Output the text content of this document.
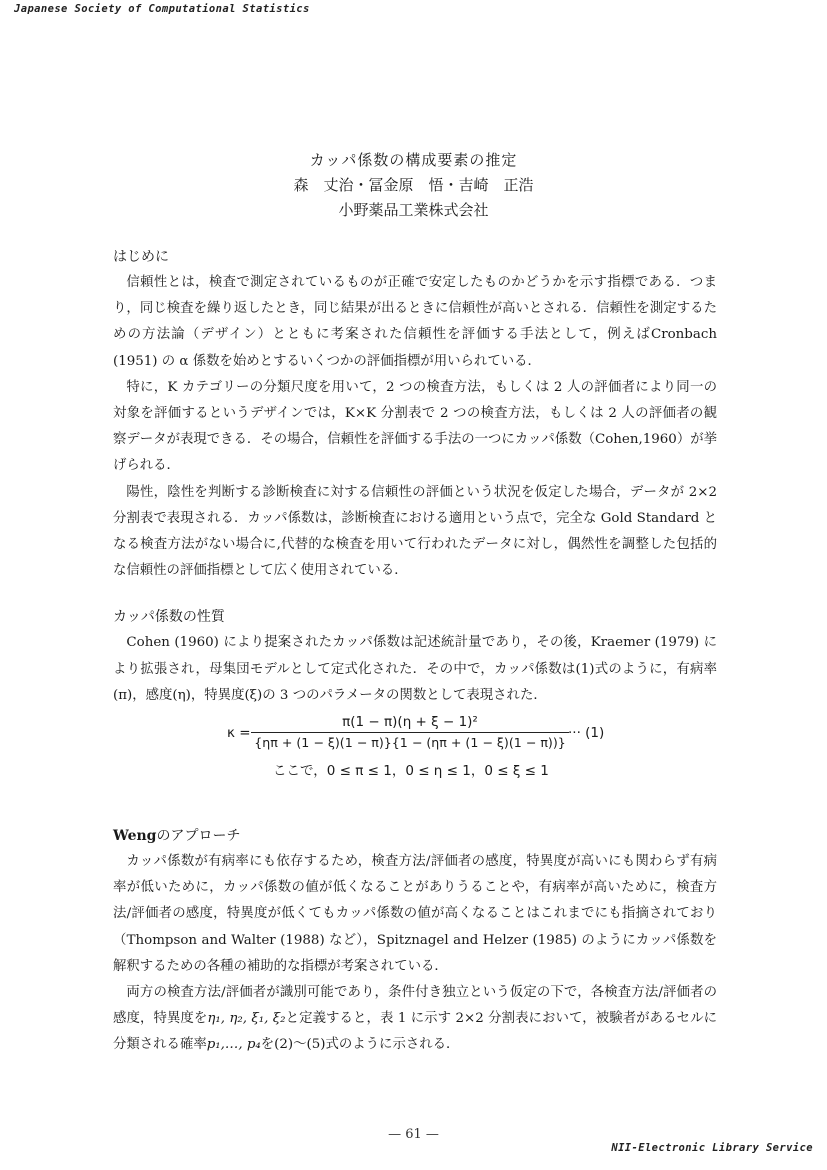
Japanese Society of Computational Statistics
カッパ係数の構成要素の推定
森　丈治・冨金原　悟・吉崎　正浩
小野薬品工業株式会社
はじめに

信頼性とは，検査で測定されているものが正確で安定したものかどうかを示す指標である．つまり，同じ検査を繰り返したとき，同じ結果が出るときに信頼性が高いとされる．信頼性を測定するための方法論（デザイン）とともに考案された信頼性を評価する手法として，例えばCronbach (1951) の α 係数を始めとするいくつかの評価指標が用いられている．

特に，K カテゴリーの分類尺度を用いて，2 つの検査方法，もしくは 2 人の評価者により同一の対象を評価するというデザインでは，K×K 分割表で 2 つの検査方法，もしくは 2 人の評価者の観察データが表現できる．その場合，信頼性を評価する手法の一つにカッパ係数（Cohen,1960）が挙げられる．

陽性，陰性を判断する診断検査に対する信頼性の評価という状況を仮定した場合，データが 2×2 分割表で表現される．カッパ係数は，診断検査における適用という点で，完全な Gold Standard となる検査方法がない場合に,代替的な検査を用いて行われたデータに対し，偶然性を調整した包括的な信頼性の評価指標として広く使用されている．

カッパ係数の性質

Cohen (1960) により提案されたカッパ係数は記述統計量であり，その後，Kraemer (1979) により拡張され，母集団モデルとして定式化された．その中で，カッパ係数は(1)式のように，有病率(π)，感度(η)，特異度(ξ)の 3 つのパラメータの関数として表現された．

κ =
π(1 − π)(η + ξ − 1)²
{ηπ + (1 − ξ)(1 − π)}{1 − (ηπ + (1 − ξ)(1 − π))}
··· (1)
ここで，0 ≤ π ≤ 1，0 ≤ η ≤ 1，0 ≤ ξ ≤ 1
Wengのアプローチ

カッパ係数が有病率にも依存するため，検査方法/評価者の感度，特異度が高いにも関わらず有病率が低いために，カッパ係数の値が低くなることがありうることや，有病率が高いために，検査方法/評価者の感度，特異度が低くてもカッパ係数の値が高くなることはこれまでにも指摘されており（Thompson and Walter (1988) など），Spitznagel and Helzer (1985) のようにカッパ係数を解釈するための各種の補助的な指標が考案されている．

両方の検査方法/評価者が識別可能であり，条件付き独立という仮定の下で，各検査方法/評価者の感度，特異度をη₁, η₂, ξ₁, ξ₂と定義すると，表 1 に示す 2×2 分割表において，被験者があるセルに分類される確率p₁,…, p₄を(2)～(5)式のように示される．

— 61 —
NII-Electronic Library Service
